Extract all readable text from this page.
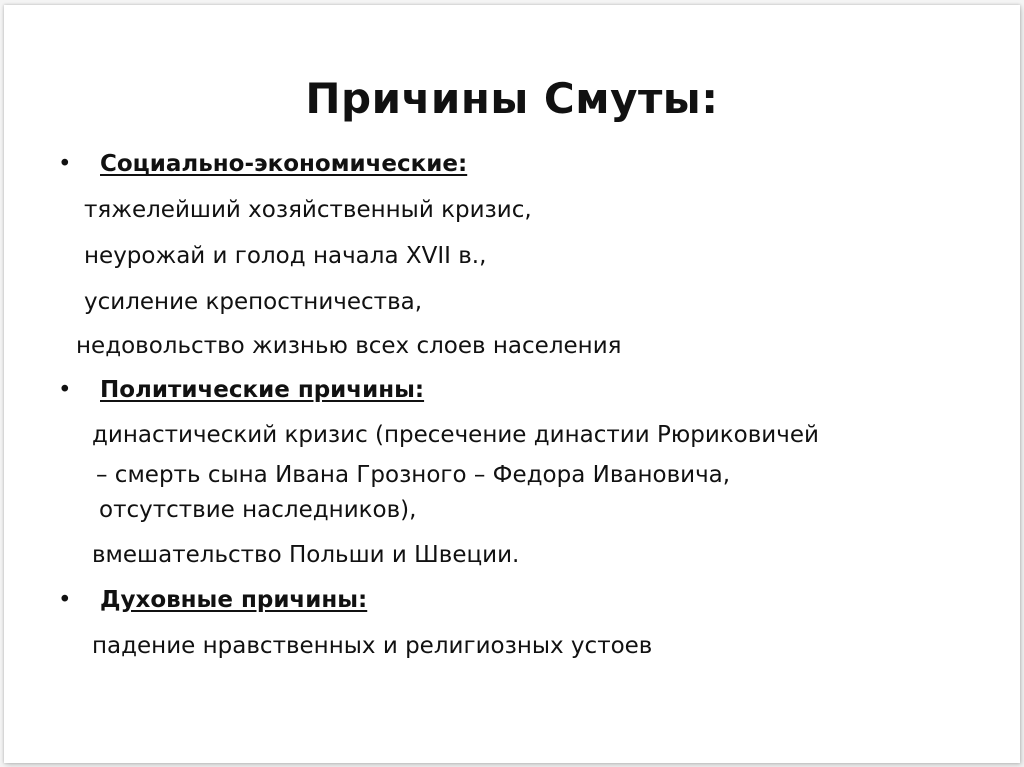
Причины Смуты:
• Социально-экономические:
тяжелейший хозяйственный кризис,
неурожай и голод начала XVII в.,
усиление крепостничества,
недовольство жизнью всех слоев населения
• Политические причины:
династический кризис (пресечение династии Рюриковичей
– смерть сына Ивана Грозного – Федора Ивановича,
отсутствие наследников),
вмешательство Польши и Швеции.
• Духовные причины:
падение нравственных и религиозных устоев
